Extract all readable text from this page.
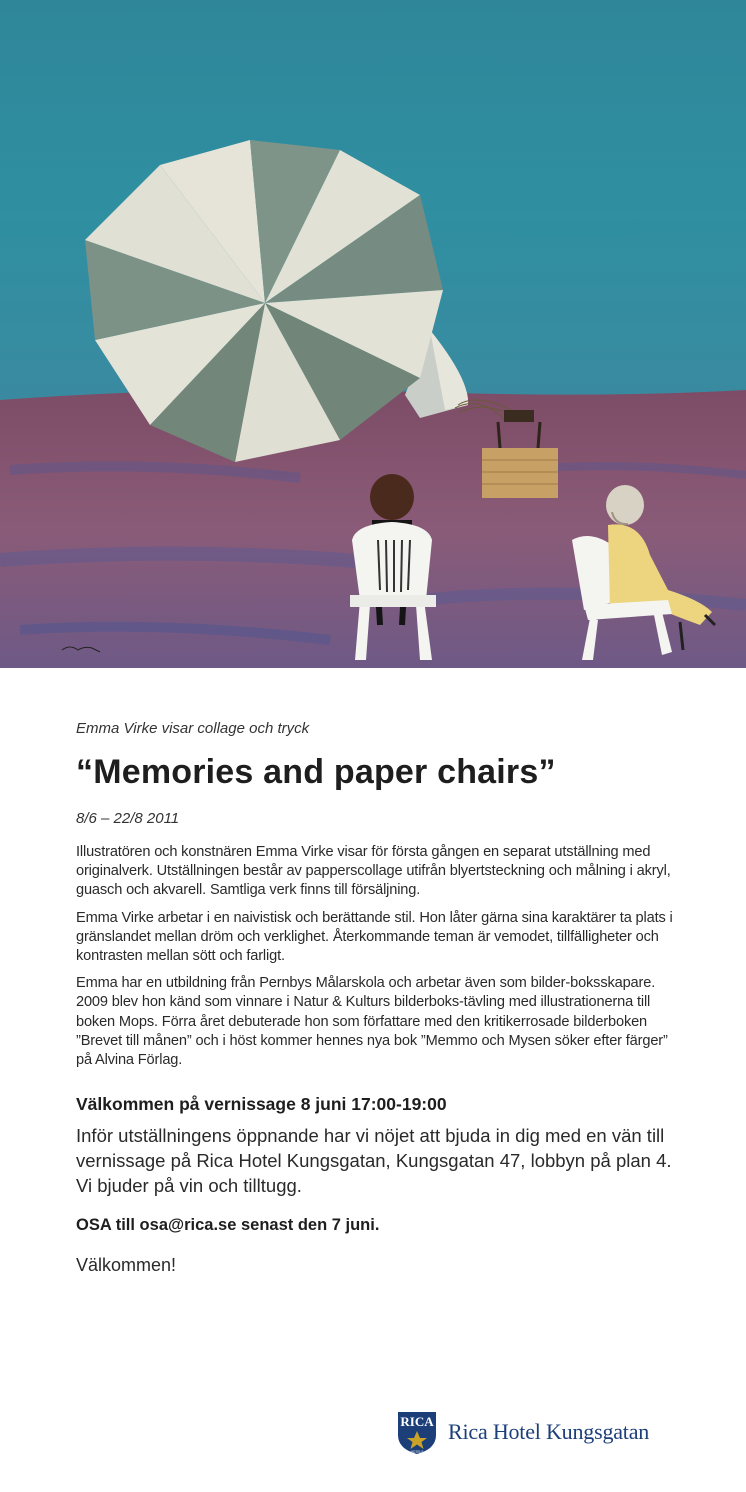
Emma Virke visar collage och tryck

“Memories and paper chairs”

8/6 – 22/8 2011

Illustratören och konstnären Emma Virke visar för första gången en separat utställning med originalverk. Utställningen består av papperscollage utifrån blyertsteckning och målning i akryl, guasch och akvarell. Samtliga verk finns till försäljning.

Emma Virke arbetar i en naivistisk och berättande stil. Hon låter gärna sina karaktärer ta plats i gränslandet mellan dröm och verklighet. Återkommande teman är vemodet, tillfälligheter och kontrasten mellan sött och farligt.

Emma har en utbildning från Pernbys Målarskola och arbetar även som bilder-boksskapare. 2009 blev hon känd som vinnare i Natur & Kulturs bilderboks-tävling med illustrationerna till boken Mops. Förra året debuterade hon som författare med den kritikerrosade bilderboken ”Brevet till månen” och i höst kommer hennes nya bok ”Memmo och Mysen söker efter färger” på Alvina Förlag.

Välkommen på vernissage 8 juni 17:00-19:00

Inför utställningens öppnande har vi nöjet att bjuda in dig med en vän till vernissage på Rica Hotel Kungsgatan, Kungsgatan 47, lobbyn på plan 4. Vi bjuder på vin och tilltugg.

OSA till osa@rica.se senast den 7 juni.

Välkommen!

RICA
HOTELS
Rica Hotel Kungsgatan
